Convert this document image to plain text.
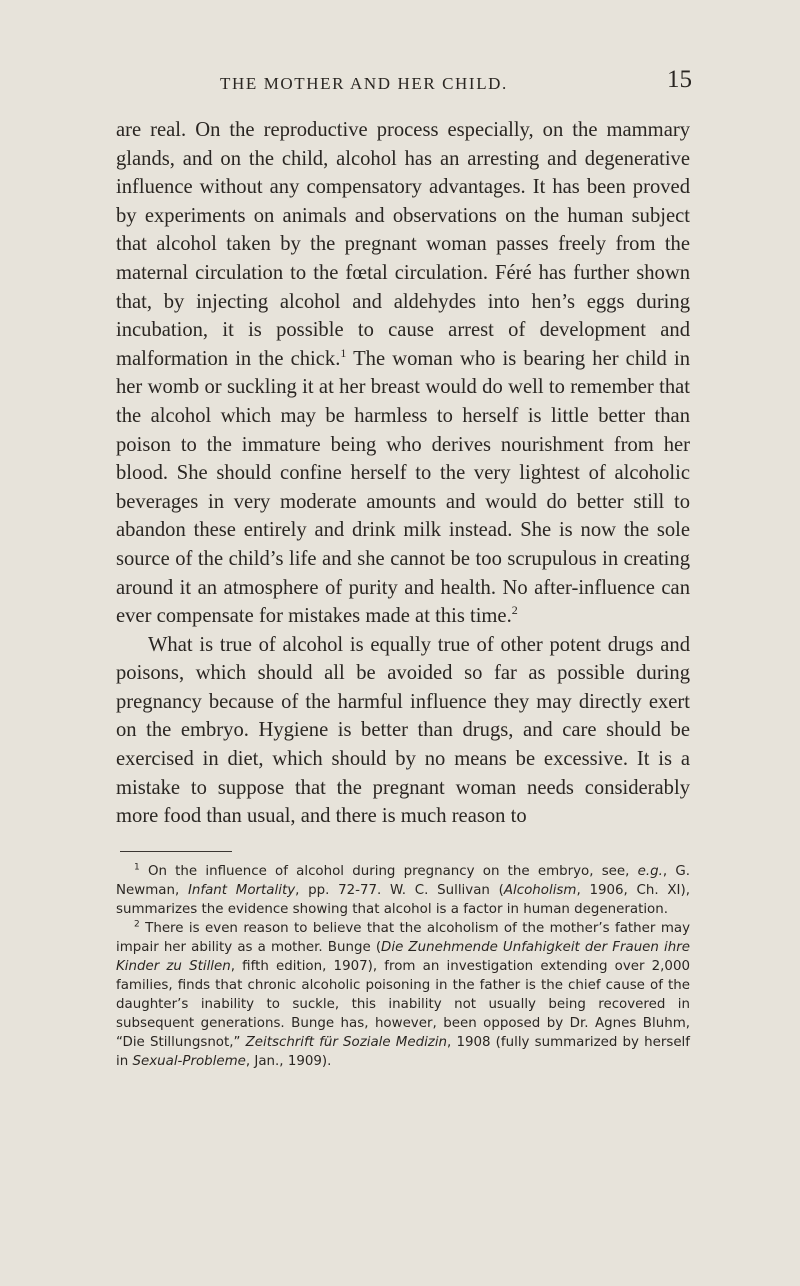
THE MOTHER AND HER CHILD.	15

are real. On the reproductive process especially, on the mammary glands, and on the child, alcohol has an arresting and degenerative influence without any compensatory advantages. It has been proved by experiments on animals and observations on the human subject that alcohol taken by the pregnant woman passes freely from the maternal circulation to the fœtal circulation. Féré has further shown that, by injecting alcohol and aldehydes into hen’s eggs during incubation, it is possible to cause arrest of development and malformation in the chick.$^1$ The woman who is bearing her child in her womb or suckling it at her breast would do well to remember that the alcohol which may be harmless to herself is little better than poison to the immature being who derives nourishment from her blood. She should confine herself to the very lightest of alcoholic beverages in very moderate amounts and would do better still to abandon these entirely and drink milk instead. She is now the sole source of the child’s life and she cannot be too scrupulous in creating around it an atmosphere of purity and health. No after-influence can ever compensate for mistakes made at this time.$^2$

What is true of alcohol is equally true of other potent drugs and poisons, which should all be avoided so far as possible during pregnancy because of the harmful influence they may directly exert on the embryo. Hygiene is better than drugs, and care should be exercised in diet, which should by no means be excessive. It is a mistake to suppose that the pregnant woman needs considerably more food than usual, and there is much reason to

$^1$ On the influence of alcohol during pregnancy on the embryo, see, e.g., G. Newman, Infant Mortality, pp. 72-77. W. C. Sullivan (Alcoholism, 1906, Ch. XI), summarizes the evidence showing that alcohol is a factor in human degeneration.

$^2$ There is even reason to believe that the alcoholism of the mother’s father may impair her ability as a mother. Bunge (Die Zunehmende Unfahigkeit der Frauen ihre Kinder zu Stillen, fifth edition, 1907), from an investigation extending over 2,000 families, finds that chronic alcoholic poisoning in the father is the chief cause of the daughter’s inability to suckle, this inability not usually being recovered in subsequent generations. Bunge has, however, been opposed by Dr. Agnes Bluhm, “Die Stillungsnot,” Zeitschrift für Soziale Medizin, 1908 (fully summarized by herself in Sexual-Probleme, Jan., 1909).
